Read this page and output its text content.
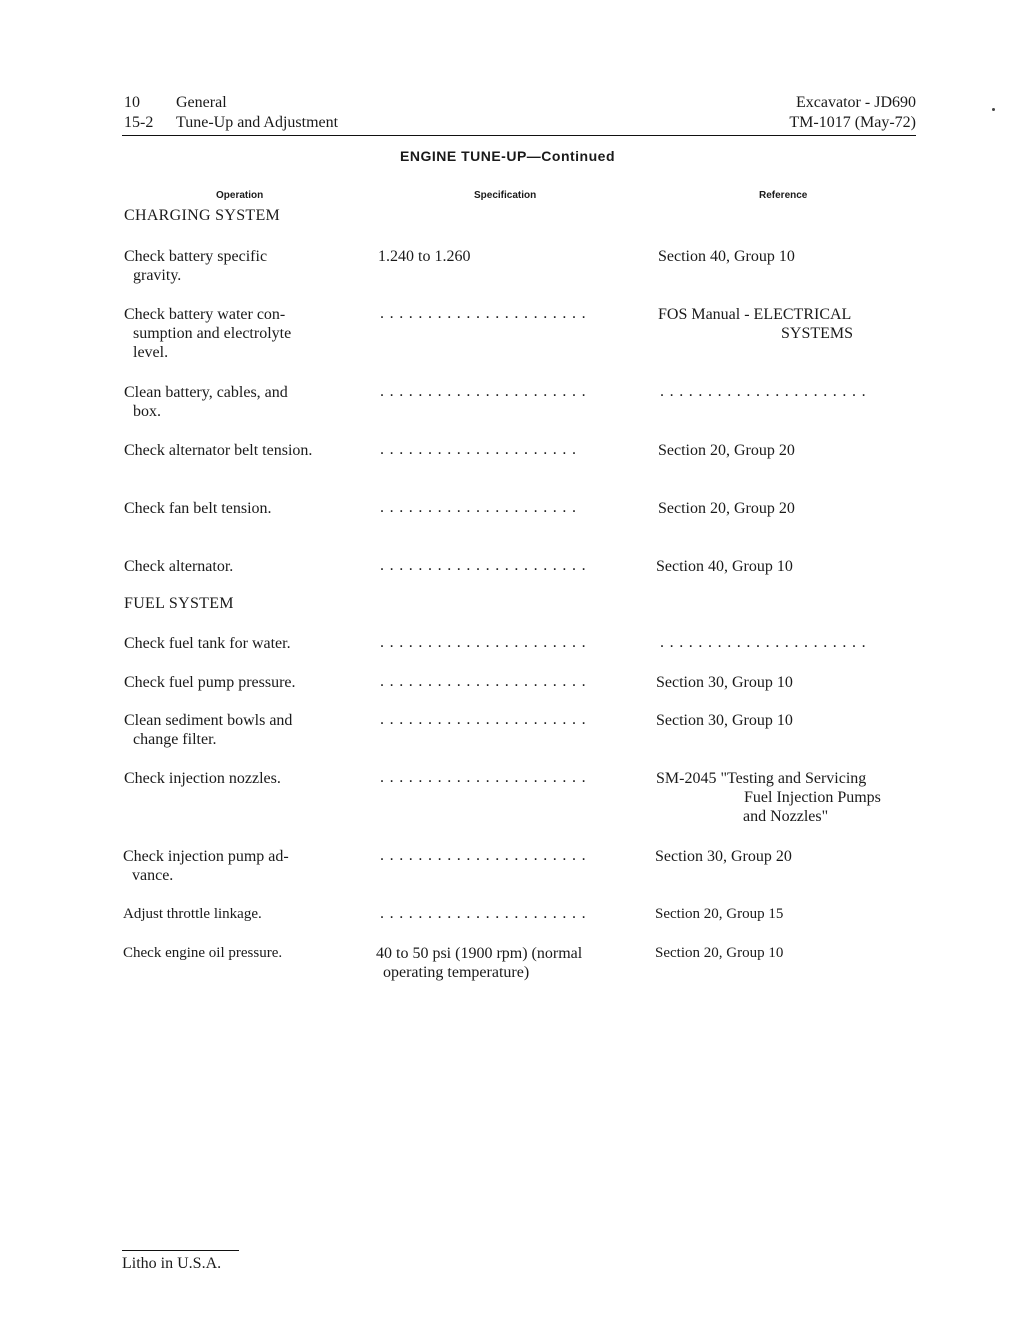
10 General
15-2 Tune-Up and Adjustment
Excavator - JD690
TM-1017 (May-72)
ENGINE TUNE-UP—Continued
Operation	Specification	Reference
CHARGING SYSTEM
Check battery specific
gravity.
1.240 to 1.260	Section 40, Group 10
Check battery water con-
sumption and electrolyte
level.
......................	FOS Manual - ELECTRICAL
SYSTEMS
Clean battery, cables, and
box.
......................	......................
Check alternator belt tension.	.....................	Section 20, Group 20
Check fan belt tension.	.....................	Section 20, Group 20
Check alternator.	......................	Section 40, Group 10
FUEL SYSTEM
Check fuel tank for water.	......................	......................
Check fuel pump pressure.	......................	Section 30, Group 10
Clean sediment bowls and
change filter.
......................	Section 30, Group 10
Check injection nozzles.	......................	SM-2045 "Testing and Servicing
Fuel Injection Pumps
and Nozzles"
Check injection pump ad-
vance.
......................	Section 30, Group 20
Adjust throttle linkage.	......................	Section 20, Group 15
Check engine oil pressure.	40 to 50 psi (1900 rpm) (normal
operating temperature)
Section 20, Group 10
Litho in U.S.A.
